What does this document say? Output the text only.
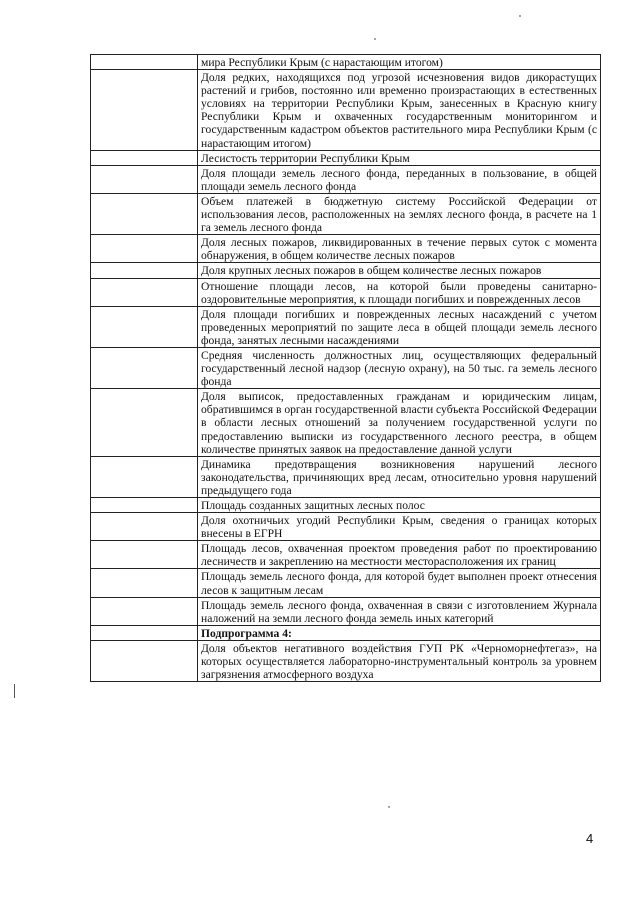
	мира Республики Крым (с нарастающим итогом)

	Доля редких, находящихся под угрозой исчезновения видов дикорастущих растений и грибов, постоянно или временно произрастающих в естественных условиях на территории Республики Крым, занесенных в Красную книгу Республики Крым и охваченных государственным мониторингом и государственным кадастром объектов растительного мира Республики Крым (с нарастающим итогом)

	Лесистость территории Республики Крым

	Доля площади земель лесного фонда, переданных в пользование, в общей площади земель лесного фонда

	Объем платежей в бюджетную систему Российской Федерации от использования лесов, расположенных на землях лесного фонда, в расчете на 1 га земель лесного фонда

	Доля лесных пожаров, ликвидированных в течение первых суток с момента обнаружения, в общем количестве лесных пожаров

	Доля крупных лесных пожаров в общем количестве лесных пожаров

	Отношение площади лесов, на которой были проведены санитарно-оздоровительные мероприятия, к площади погибших и поврежденных лесов

	Доля площади погибших и поврежденных лесных насаждений с учетом проведенных мероприятий по защите леса в общей площади земель лесного фонда, занятых лесными насаждениями

	Средняя численность должностных лиц, осуществляющих федеральный государственный лесной надзор (лесную охрану), на 50 тыс. га земель лесного фонда

	Доля выписок, предоставленных гражданам и юридическим лицам, обратившимся в орган государственной власти субъекта Российской Федерации в области лесных отношений за получением государственной услуги по предоставлению выписки из государственного лесного реестра, в общем количестве принятых заявок на предоставление данной услуги

	Динамика предотвращения возникновения нарушений лесного законодательства, причиняющих вред лесам, относительно уровня нарушений предыдущего года

	Площадь созданных защитных лесных полос

	Доля охотничьих угодий Республики Крым, сведения о границах которых внесены в ЕГРН

	Площадь лесов, охваченная проектом проведения работ по проектированию лесничеств и закреплению на местности месторасположения их границ

	Площадь земель лесного фонда, для которой будет выполнен проект отнесения лесов к защитным лесам

	Площадь земель лесного фонда, охваченная в связи с изготовлением Журнала наложений на земли лесного фонда земель иных категорий

	Подпрограмма 4:

	Доля объектов негативного воздействия ГУП РК «Черноморнефтегаз», на которых осуществляется лабораторно-инструментальный контроль за уровнем загрязнения атмосферного воздуха
4
